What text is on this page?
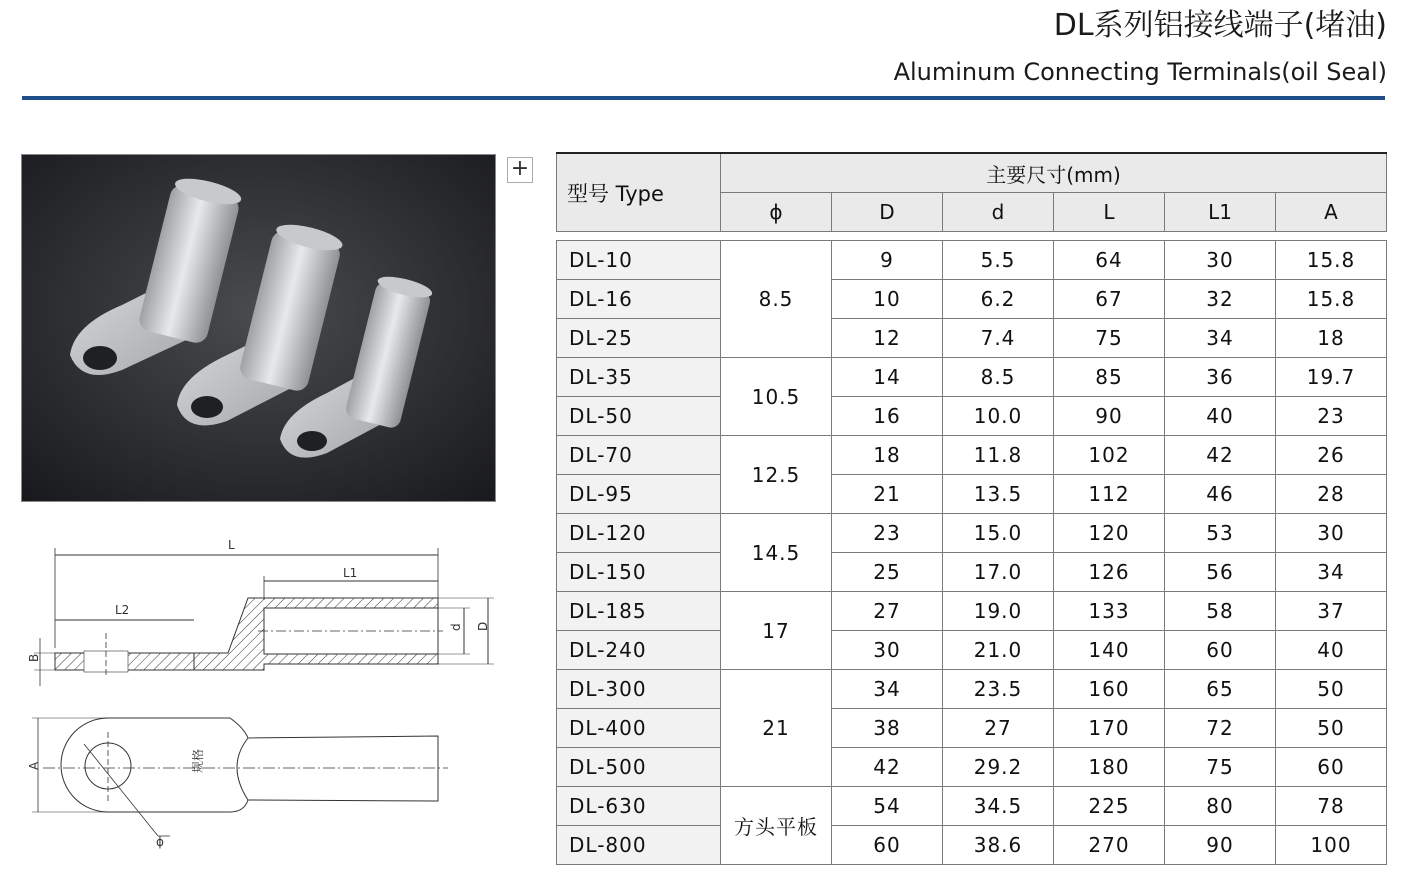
DL系列铝接线端子(堵油)
Aluminum Connecting Terminals(oil Seal)
+
L
L1
L2
d D
B
ϕ
A	规格
型号 Type	主要尺寸(mm)					
	ϕ	D	d	L	L1	A

DL-10	8.5	9	5.5	64	30	15.8
DL-16		10	6.2	67	32	15.8
DL-25		12	7.4	75	34	18
DL-35	10.5	14	8.5	85	36	19.7
DL-50		16	10.0	90	40	23
DL-70	12.5	18	11.8	102	42	26
DL-95		21	13.5	112	46	28
DL-120	14.5	23	15.0	120	53	30
DL-150		25	17.0	126	56	34
DL-185	17	27	19.0	133	58	37
DL-240		30	21.0	140	60	40
DL-300	21	34	23.5	160	65	50
DL-400		38	27	170	72	50
DL-500		42	29.2	180	75	60
DL-630	方头平板	54	34.5	225	80	78
DL-800		60	38.6	270	90	100
